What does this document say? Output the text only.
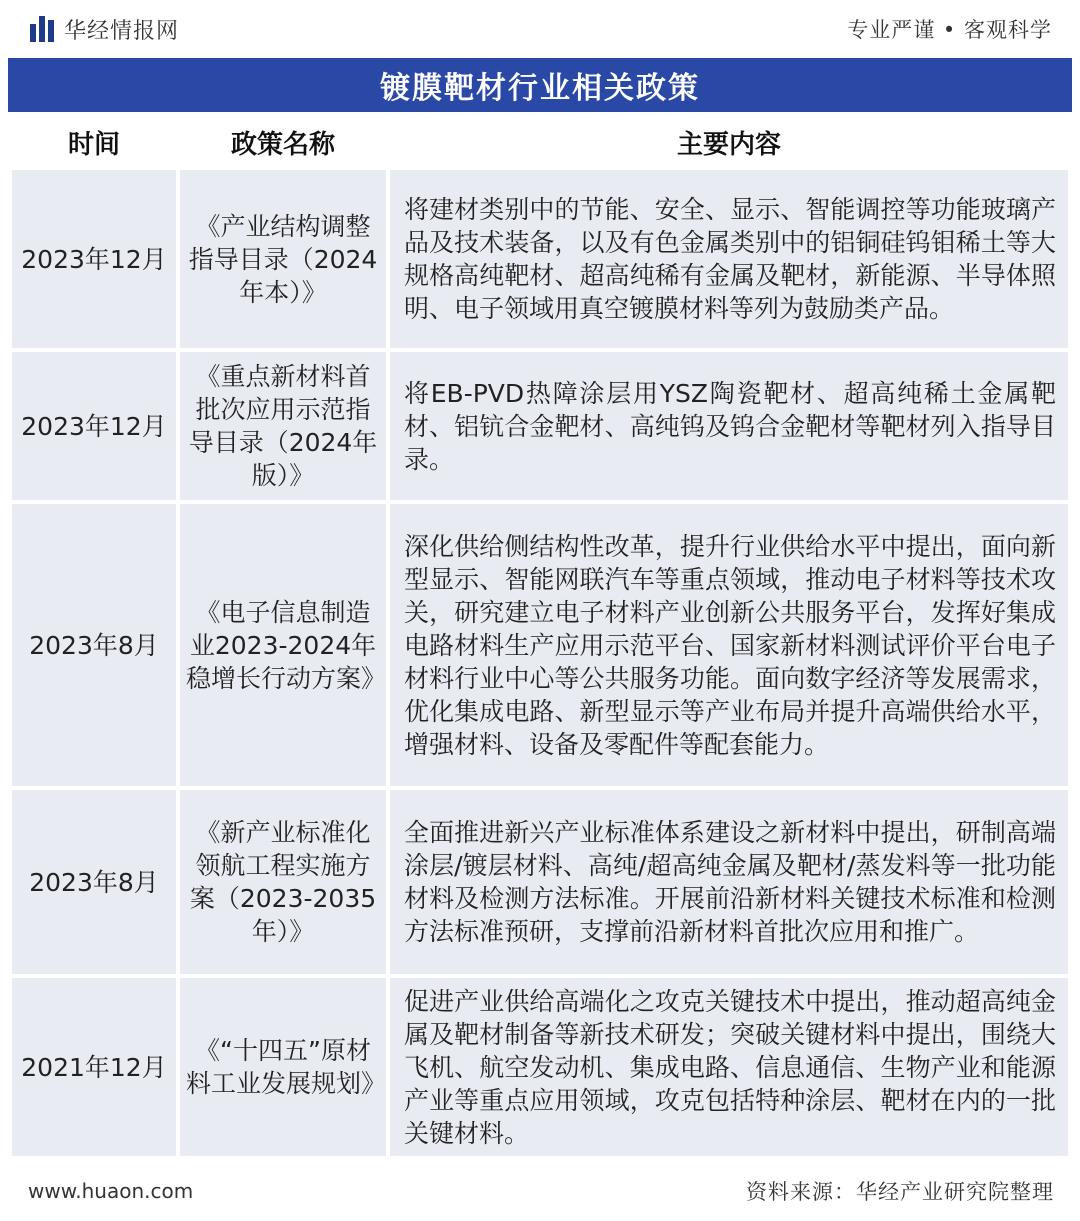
华经情报网	专业严谨 • 客观科学
镀膜靶材行业相关政策
时间	政策名称	主要内容
2023年12月	《产业结构调整指导目录（2024年本）》	将建材类别中的节能、安全、显示、智能调控等功能玻璃产品及技术装备，以及有色金属类别中的铝铜硅钨钼稀土等大规格高纯靶材、超高纯稀有金属及靶材，新能源、半导体照明、电子领域用真空镀膜材料等列为鼓励类产品。
2023年12月	《重点新材料首批次应用示范指导目录（2024年版）》	将EB-PVD热障涂层用YSZ陶瓷靶材、超高纯稀土金属靶材、铝钪合金靶材、高纯钨及钨合金靶材等靶材列入指导目录。
2023年8月	《电子信息制造业2023-2024年稳增长行动方案》	深化供给侧结构性改革，提升行业供给水平中提出，面向新型显示、智能网联汽车等重点领域，推动电子材料等技术攻关，研究建立电子材料产业创新公共服务平台，发挥好集成电路材料生产应用示范平台、国家新材料测试评价平台电子材料行业中心等公共服务功能。面向数字经济等发展需求，优化集成电路、新型显示等产业布局并提升高端供给水平，增强材料、设备及零配件等配套能力。
2023年8月	《新产业标准化领航工程实施方案（2023-2035年）》	全面推进新兴产业标准体系建设之新材料中提出，研制高端涂层/镀层材料、高纯/超高纯金属及靶材/蒸发料等一批功能材料及检测方法标准。开展前沿新材料关键技术标准和检测方法标准预研，支撑前沿新材料首批次应用和推广。
2021年12月	《“十四五”原材料工业发展规划》	促进产业供给高端化之攻克关键技术中提出，推动超高纯金属及靶材制备等新技术研发；突破关键材料中提出，围绕大飞机、航空发动机、集成电路、信息通信、生物产业和能源产业等重点应用领域，攻克包括特种涂层、靶材在内的一批关键材料。
www.huaon.com	资料来源：华经产业研究院整理
